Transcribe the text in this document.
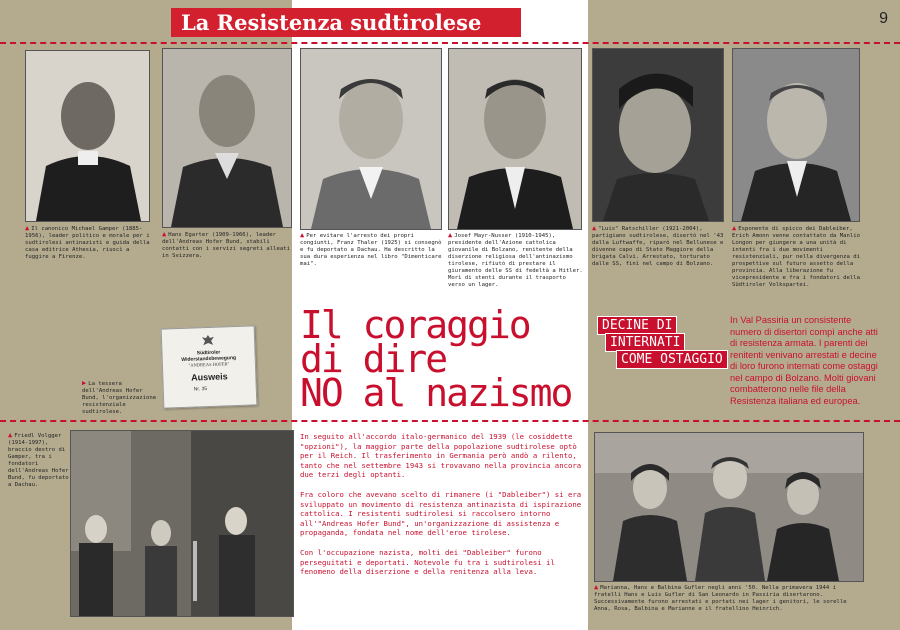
La Resistenza sudtirolese	9
▲ Il canonico Michael Gamper (1885-1956), leader politico e morale per i sudtirolesi antinazisti e guida della casa editrice Athesia, riuscì a fuggire a Firenze.
▲ Hans Egarter (1909-1966), leader dell'Andreas Hofer Bund, stabilì contatti con i servizi segreti alleati in Svizzera.
▲ Per evitare l'arresto dei propri congiunti, Franz Thaler (1925) si consegnò e fu deportato a Dachau. Ha descritto la sua dura esperienza nel libro "Dimenticare mai".
▲ Josef Mayr-Nusser (1910-1945), presidente dell'Azione cattolica giovanile di Bolzano, renitente della diserzione religiosa dell'antinazismo tirolese, rifiutò di prestare il giuramento delle SS di fedeltà a Hitler. Morì di stenti durante il trasporto verso un lager.
▲ "Luis" Ratschiller (1921-2004), partigiano sudtirolese, disertò nel '43 dalla Luftwaffe, riparò nel Bellunese e divenne capo di Stato Maggiore della brigata Calvi. Arrestato, torturato dalle SS, finì nel campo di Bolzano.
▲ Esponente di spicco dei Dableiber, Erich Amonn venne contattato da Manlio Longon per giungere a una unità di intenti fra i due movimenti resistenziali, pur nella divergenza di prospettive sul futuro assetto della provincia. Alla liberazione fu vicepresidente e fra i fondatori della Südtiroler Volkspartei.
Südtiroler
Widerstandsbewegung
"ANDREAS HOFER"
Ausweis
Nr. 35
▶ La tessera dell'Andreas Hofer Bund, l'organizzazione resistenziale sudtirolese.
Il coraggio
di dire
NO al nazismo
DECINE DI
INTERNATI
COME OSTAGGIO
In Val Passiria un consistente numero di disertori compì anche atti di resistenza armata. I parenti dei renitenti venivano arrestati e decine di loro furono internati come ostaggi nel campo di Bolzano. Molti giovani combatterono nelle file della Resistenza italiana ed europea.
▲ Friedl Volgger (1914-1997), braccio destro di Gamper, tra i fondatori dell'Andreas Hofer Bund, fu deportato a Dachau.

In seguito all'accordo italo-germanico del 1939 (le cosiddette "opzioni"), la maggior parte della popolazione sudtirolese optò per il Reich. Il trasferimento in Germania però andò a rilento, tanto che nel settembre 1943 si trovavano nella provincia ancora due terzi degli optanti.

Fra coloro che avevano scelto di rimanere (i "Dableiber") si era sviluppato un movimento di resistenza antinazista di ispirazione cattolica. I resistenti sudtirolesi si raccolsero intorno all'"Andreas Hofer Bund", un'organizzazione di assistenza e propaganda, fondata nel nome dell'eroe tirolese.

Con l'occupazione nazista, molti dei "Dableiber" furono perseguitati e deportati. Notevole fu tra i sudtirolesi il fenomeno della diserzione e della renitenza alla leva.

▲ Marianna, Hans e Balbina Gufler negli anni '50. Nella primavera 1944 i fratelli Hans e Luis Gufler di San Leonardo in Passiria disertarono. Successivamente furono arrestati e portati nei lager i genitori, le sorelle Anna, Rosa, Balbina e Marianne e il fratellino Heinrich.
